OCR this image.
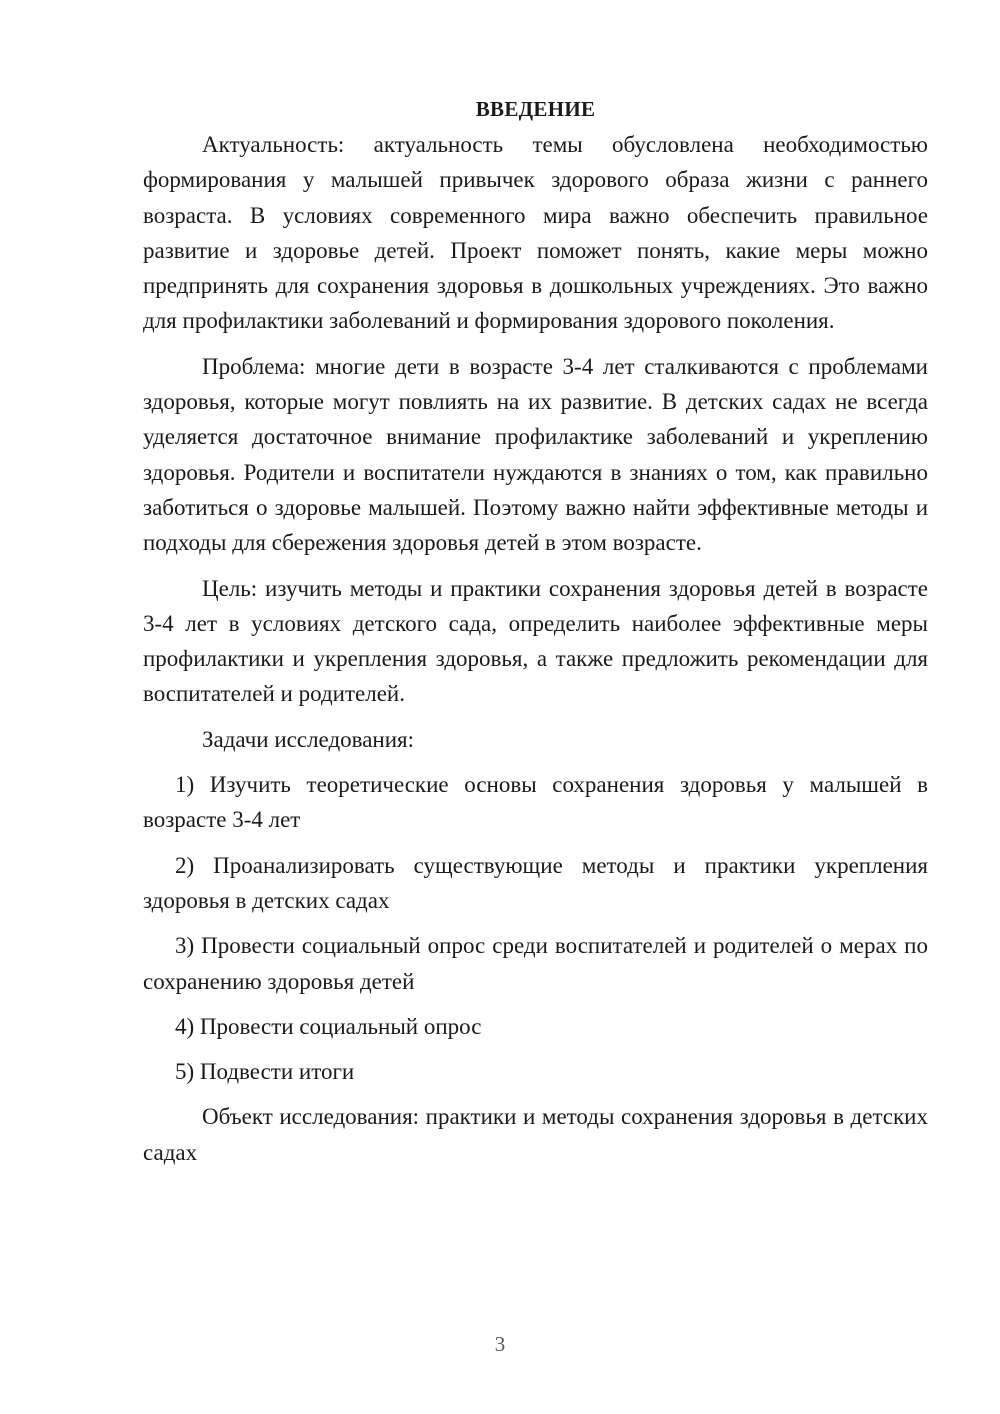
ВВЕДЕНИЕ

Актуальность: актуальность темы обусловлена необходимостью формирования у малышей привычек здорового образа жизни с раннего возраста. В условиях современного мира важно обеспечить правильное развитие и здоровье детей. Проект поможет понять, какие меры можно предпринять для сохранения здоровья в дошкольных учреждениях. Это важно для профилактики заболеваний и формирования здорового поколения.

Проблема: многие дети в возрасте 3-4 лет сталкиваются с проблемами здоровья, которые могут повлиять на их развитие. В детских садах не всегда уделяется достаточное внимание профилактике заболеваний и укреплению здоровья. Родители и воспитатели нуждаются в знаниях о том, как правильно заботиться о здоровье малышей. Поэтому важно найти эффективные методы и подходы для сбережения здоровья детей в этом возрасте.

Цель: изучить методы и практики сохранения здоровья детей в возрасте 3-4 лет в условиях детского сада, определить наиболее эффективные меры профилактики и укрепления здоровья, а также предложить рекомендации для воспитателей и родителей.

Задачи исследования:

1) Изучить теоретические основы сохранения здоровья у малышей в возрасте 3-4 лет

2) Проанализировать существующие методы и практики укрепления здоровья в детских садах

3) Провести социальный опрос среди воспитателей и родителей о мерах по сохранению здоровья детей

4) Провести социальный опрос

5) Подвести итоги

Объект исследования: практики и методы сохранения здоровья в детских садах

3
